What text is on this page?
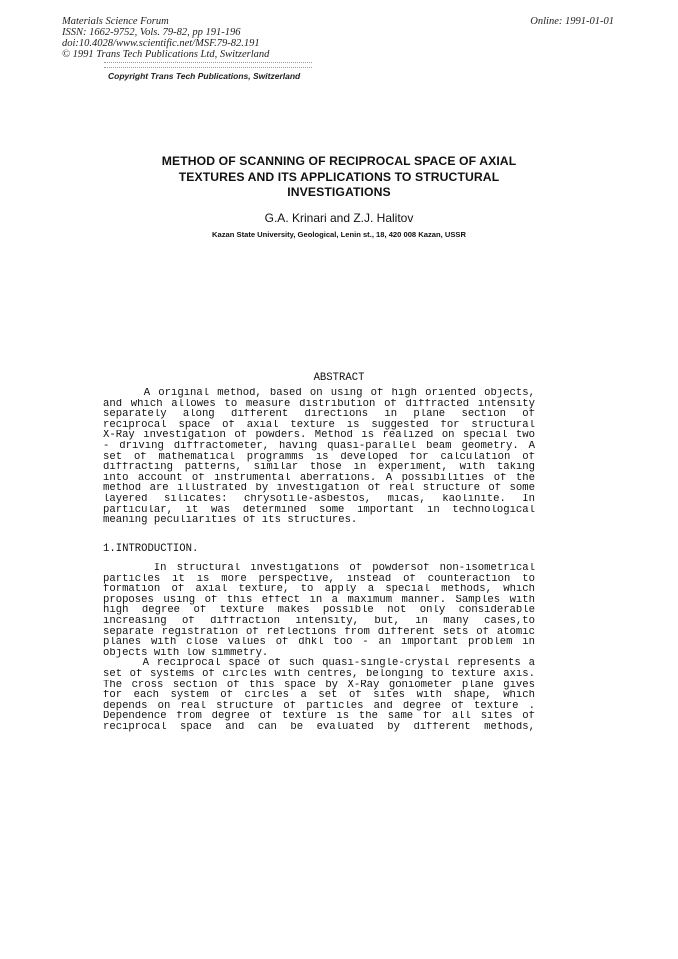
Materials Science Forum
ISSN: 1662-9752, Vols. 79-82, pp 191-196
doi:10.4028/www.scientific.net/MSF.79-82.191
© 1991 Trans Tech Publications Ltd, Switzerland
Online: 1991-01-01
Copyright Trans Tech Publications, Switzerland
METHOD OF SCANNING OF RECIPROCAL SPACE OF AXIAL
TEXTURES AND ITS APPLICATIONS TO STRUCTURAL
INVESTIGATIONS
G.A. Krinari and Z.J. Halitov
Kazan State University, Geological, Lenin st., 18, 420 008 Kazan, USSR
ABSTRACT
A original method, based on using of high oriented objects,
and which allowes to measure distribution of diffracted intensity
separately along different directions in plane section of
reciprocal space of axial texture is suggested for structural
X-Ray investigation of powders. Method is realized on special two
- driving diffractometer, having quasi-parallel beam geometry. A
set of mathematical programms is developed for calculation of
diffracting patterns, similar those in experiment, with taking
into account of instrumental aberrations. A possibilities of the
method are illustrated by investigation of real structure of some
layered silicates: chrysotile-asbestos, micas, kaolinite. In
particular, it was determined some important in technological
meaning peculiarities of its structures.
1.INTRODUCTION.
In structural investigations of powdersof non-isometrical
particles it is more perspective, instead of counteraction to
formation of axial texture, to apply a special methods, which
proposes using of this effect in a maximum manner. Samples with
high degree of texture makes possible not only considerable
increasing of diffraction intensity, but, in many cases,to
separate registration of reflections from different sets of atomic
planes with close values of dhkl too - an important problem in
objects with low simmetry.
A reciprocal space of such quasi-single-crystal represents a
set of systems of circles with centres, belonging to texture axis.
The cross section of this space by X-Ray goniometer plane gives
for each system of circles a set of sites with shape, which
depends on real structure of particles and degree of texture .
Dependence from degree of texture is the same for all sites of
reciprocal space and can be evaluated by different methods,
